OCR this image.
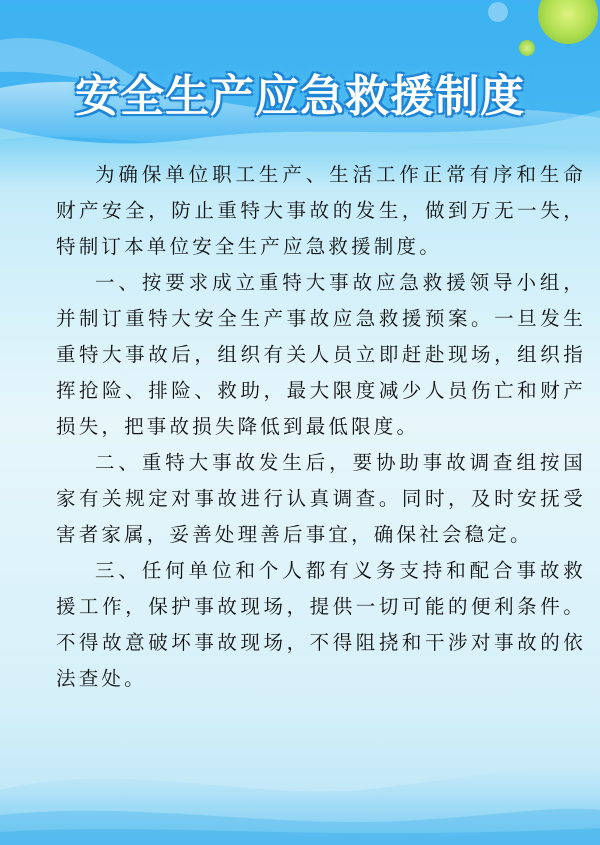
安全生产应急救援制度

为确保单位职工生产、生活工作正常有序和生命财产安全，防止重特大事故的发生，做到万无一失，特制订本单位安全生产应急救援制度。

一、按要求成立重特大事故应急救援领导小组，并制订重特大安全生产事故应急救援预案。一旦发生重特大事故后，组织有关人员立即赶赴现场，组织指挥抢险、排险、救助，最大限度减少人员伤亡和财产损失，把事故损失降低到最低限度。

二、重特大事故发生后，要协助事故调查组按国家有关规定对事故进行认真调查。同时，及时安抚受害者家属，妥善处理善后事宜，确保社会稳定。

三、任何单位和个人都有义务支持和配合事故救援工作，保护事故现场，提供一切可能的便利条件。不得故意破坏事故现场，不得阻挠和干涉对事故的依法查处。
